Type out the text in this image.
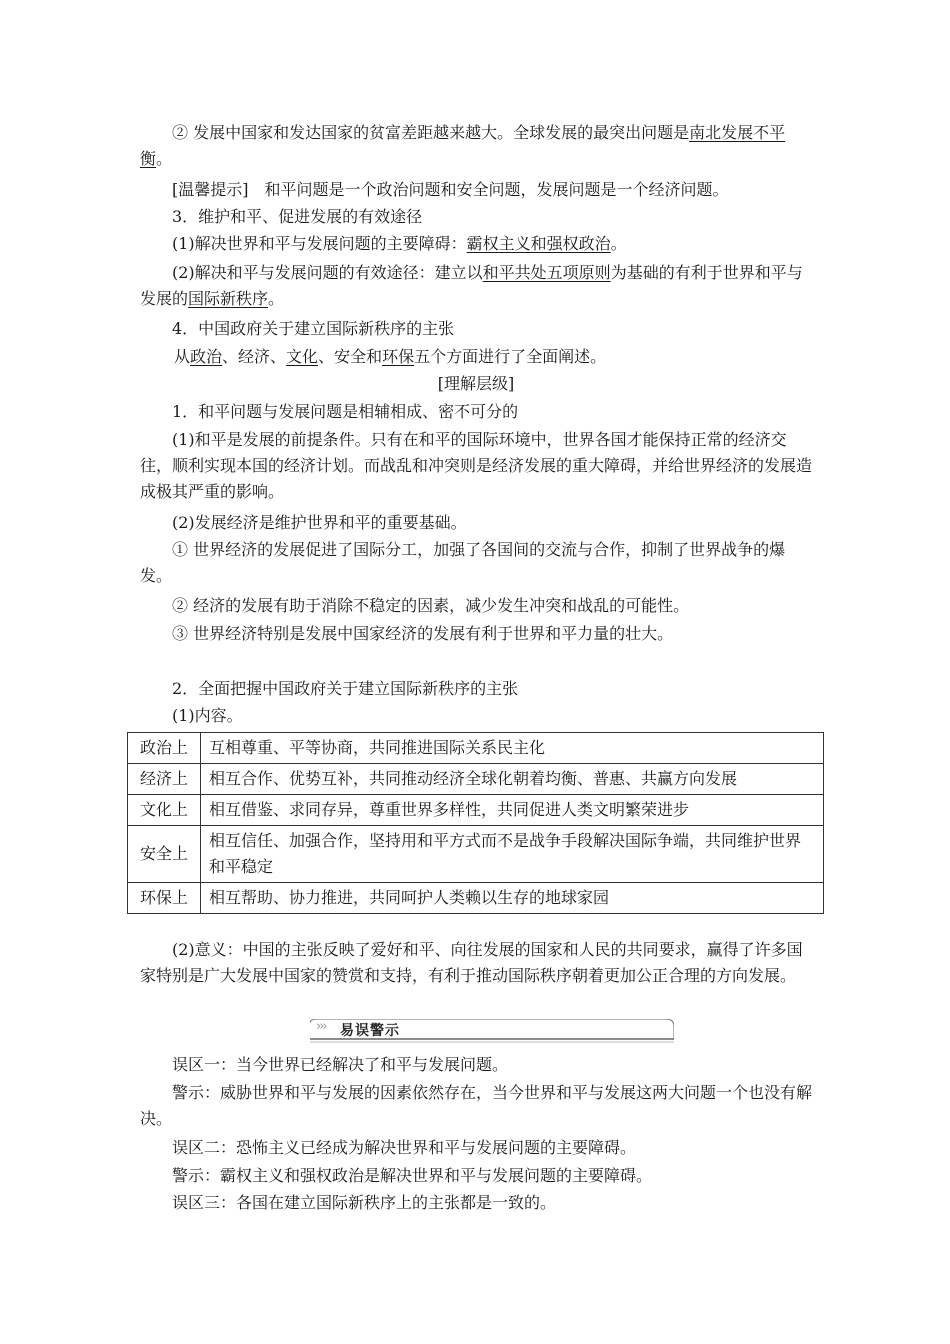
② 发展中国家和发达国家的贫富差距越来越大。全球发展的最突出问题是南北发展不平衡。

[温馨提示]　和平问题是一个政治问题和安全问题，发展问题是一个经济问题。

3．维护和平、促进发展的有效途径

(1)解决世界和平与发展问题的主要障碍：霸权主义和强权政治。

(2)解决和平与发展问题的有效途径：建立以和平共处五项原则为基础的有利于世界和平与发展的国际新秩序。

4．中国政府关于建立国际新秩序的主张

从政治、经济、文化、安全和环保五个方面进行了全面阐述。

[理解层级]

1．和平问题与发展问题是相辅相成、密不可分的

(1)和平是发展的前提条件。只有在和平的国际环境中，世界各国才能保持正常的经济交往，顺利实现本国的经济计划。而战乱和冲突则是经济发展的重大障碍，并给世界经济的发展造成极其严重的影响。

(2)发展经济是维护世界和平的重要基础。

① 世界经济的发展促进了国际分工，加强了各国间的交流与合作，抑制了世界战争的爆发。

② 经济的发展有助于消除不稳定的因素，减少发生冲突和战乱的可能性。

③ 世界经济特别是发展中国家经济的发展有利于世界和平力量的壮大。

2．全面把握中国政府关于建立国际新秩序的主张

(1)内容。

政治上	互相尊重、平等协商，共同推进国际关系民主化
经济上	相互合作、优势互补，共同推动经济全球化朝着均衡、普惠、共赢方向发展
文化上	相互借鉴、求同存异，尊重世界多样性，共同促进人类文明繁荣进步
安全上	相互信任、加强合作，坚持用和平方式而不是战争手段解决国际争端，共同维护世界和平稳定
环保上	相互帮助、协力推进，共同呵护人类赖以生存的地球家园

(2)意义：中国的主张反映了爱好和平、向往发展的国家和人民的共同要求，赢得了许多国家特别是广大发展中国家的赞赏和支持，有利于推动国际秩序朝着更加公正合理的方向发展。

››› 易误警示

误区一：当今世界已经解决了和平与发展问题。

警示：威胁世界和平与发展的因素依然存在，当今世界和平与发展这两大问题一个也没有解决。

误区二：恐怖主义已经成为解决世界和平与发展问题的主要障碍。

警示：霸权主义和强权政治是解决世界和平与发展问题的主要障碍。

误区三：各国在建立国际新秩序上的主张都是一致的。
